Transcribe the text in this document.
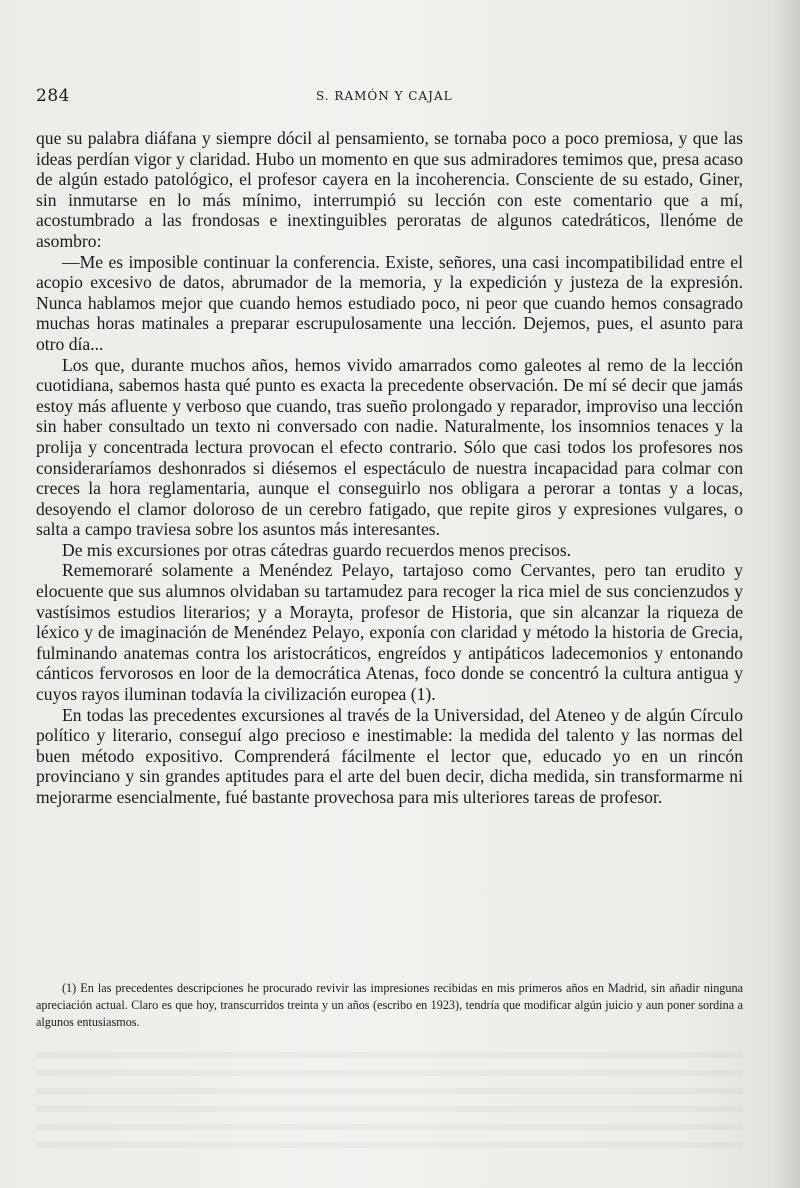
284	S. RAMÓN Y CAJAL

que su palabra diáfana y siempre dócil al pensamiento, se tornaba poco a poco premiosa, y que las ideas perdían vigor y claridad. Hubo un momento en que sus admiradores temimos que, presa acaso de algún estado patológico, el profesor cayera en la incoherencia. Consciente de su estado, Giner, sin inmutarse en lo más mínimo, interrumpió su lección con este comentario que a mí, acostumbrado a las frondosas e inextinguibles peroratas de algunos catedráticos, llenóme de asombro:

—Me es imposible continuar la conferencia. Existe, señores, una casi incompatibilidad entre el acopio excesivo de datos, abrumador de la memoria, y la expedición y justeza de la expresión. Nunca hablamos mejor que cuando hemos estudiado poco, ni peor que cuando hemos consagrado muchas horas matinales a preparar escrupulosamente una lección. Dejemos, pues, el asunto para otro día...

Los que, durante muchos años, hemos vivido amarrados como galeotes al remo de la lección cuotidiana, sabemos hasta qué punto es exacta la precedente observación. De mí sé decir que jamás estoy más afluente y verboso que cuando, tras sueño prolongado y reparador, improviso una lección sin haber consultado un texto ni conversado con nadie. Naturalmente, los insomnios tenaces y la prolija y concentrada lectura provocan el efecto contrario. Sólo que casi todos los profesores nos consideraríamos deshonrados si diésemos el espectáculo de nuestra incapacidad para colmar con creces la hora reglamentaria, aunque el conseguirlo nos obligara a perorar a tontas y a locas, desoyendo el clamor doloroso de un cerebro fatigado, que repite giros y expresiones vulgares, o salta a campo traviesa sobre los asuntos más interesantes.

De mis excursiones por otras cátedras guardo recuerdos menos precisos.

Rememoraré solamente a Menéndez Pelayo, tartajoso como Cervantes, pero tan erudito y elocuente que sus alumnos olvidaban su tartamudez para recoger la rica miel de sus concienzudos y vastísimos estudios literarios; y a Morayta, profesor de Historia, que sin alcanzar la riqueza de léxico y de imaginación de Menéndez Pelayo, exponía con claridad y método la historia de Grecia, fulminando anatemas contra los aristocráticos, engreídos y antipáticos ladecemonios y entonando cánticos fervorosos en loor de la democrática Atenas, foco donde se concentró la cultura antigua y cuyos rayos iluminan todavía la civilización europea (1).

En todas las precedentes excursiones al través de la Universidad, del Ateneo y de algún Círculo político y literario, conseguí algo precioso e inestimable: la medida del talento y las normas del buen método expositivo. Comprenderá fácilmente el lector que, educado yo en un rincón provinciano y sin grandes aptitudes para el arte del buen decir, dicha medida, sin transformarme ni mejorarme esencialmente, fué bastante provechosa para mis ulteriores tareas de profesor.

(1) En las precedentes descripciones he procurado revivir las impresiones recibidas en mis primeros años en Madrid, sin añadir ninguna apreciación actual. Claro es que hoy, transcurridos treinta y un años (escribo en 1923), tendría que modificar algún juicio y aun poner sordina a algunos entusiasmos.
